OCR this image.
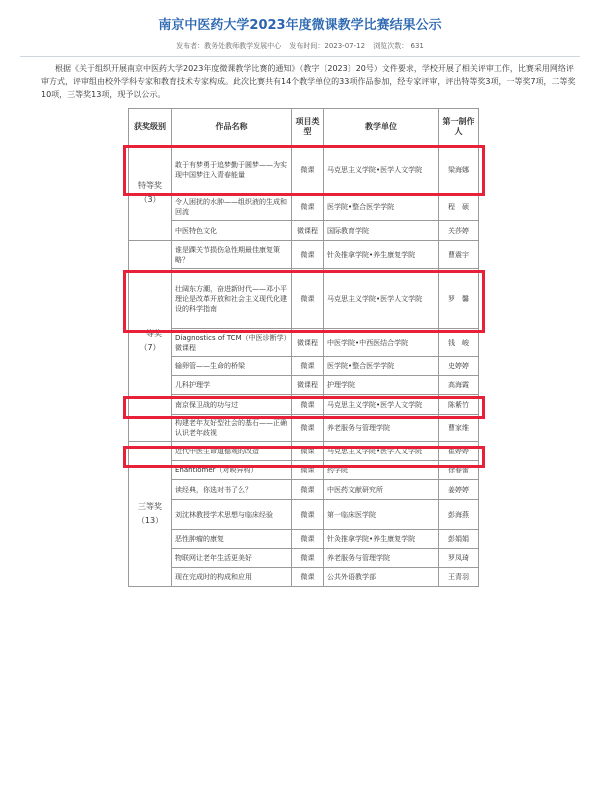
南京中医药大学2023年度微课教学比赛结果公示
发布者：教务处教师教学发展中心 发布时间：2023-07-12 浏览次数： 631
根据《关于组织开展南京中医药大学2023年度微课教学比赛的通知》（教字〔2023〕20号）文件要求，学校开展了相关评审工作，比赛采用网络评审方式，评审组由校外学科专家和教育技术专家构成。此次比赛共有14个教学单位的33项作品参加，经专家评审，评出特等奖3项，一等奖7项，二等奖10项，三等奖13项，现予以公示。
获奖级别	作品名称	项目类型	教学单位	第一制作人
特等奖
（3）	敢于有梦勇于追梦勤于圆梦——为实现中国梦注入青春能量	微课	马克思主义学院•医学人文学院	梁海娜
	令人困扰的水肿——组织液的生成和回流	微课	医学院•整合医学学院	程　硕
	中医特色文化	微课程	国际教育学院	关莎婷
一等奖
（7）	谁是踝关节损伤急性期最佳康复策略？	微课	针灸推拿学院•养生康复学院	曹震宇
	壮阔东方潮，奋进新时代——邓小平理论是改革开放和社会主义现代化建设的科学指南	微课	马克思主义学院•医学人文学院	罗　馨
	Diagnostics of TCM（中医诊断学）微课程	微课程	中医学院•中西医结合学院	钱　峻
	输卵管——生命的桥梁	微课	医学院•整合医学学院	史婷婷
	儿科护理学	微课程	护理学院	高海霞
	南京保卫战的功与过	微课	马克思主义学院•医学人文学院	陈紫竹
	构建老年友好型社会的基石——正确认识老年歧视	微课	养老服务与管理学院	曹家维
三等奖
（13）	近代中医生命道德观的改造	微课	马克思主义学院•医学人文学院	崔婷婷
	Enantiomer（对映异构）	微课	药学院	徐春蕾
	读经典，你选对书了么？	微课	中医药文献研究所	姜婷婷
	刘沈林教授学术思想与临床经验	微课	第一临床医学院	彭海燕
	恶性肿瘤的康复	微课	针灸推拿学院•养生康复学院	彭娟娟
	物联网让老年生活更美好	微课	养老服务与管理学院	罗凤琦
	现在完成时的构成和应用	微课	公共外语教学部	王青羽
